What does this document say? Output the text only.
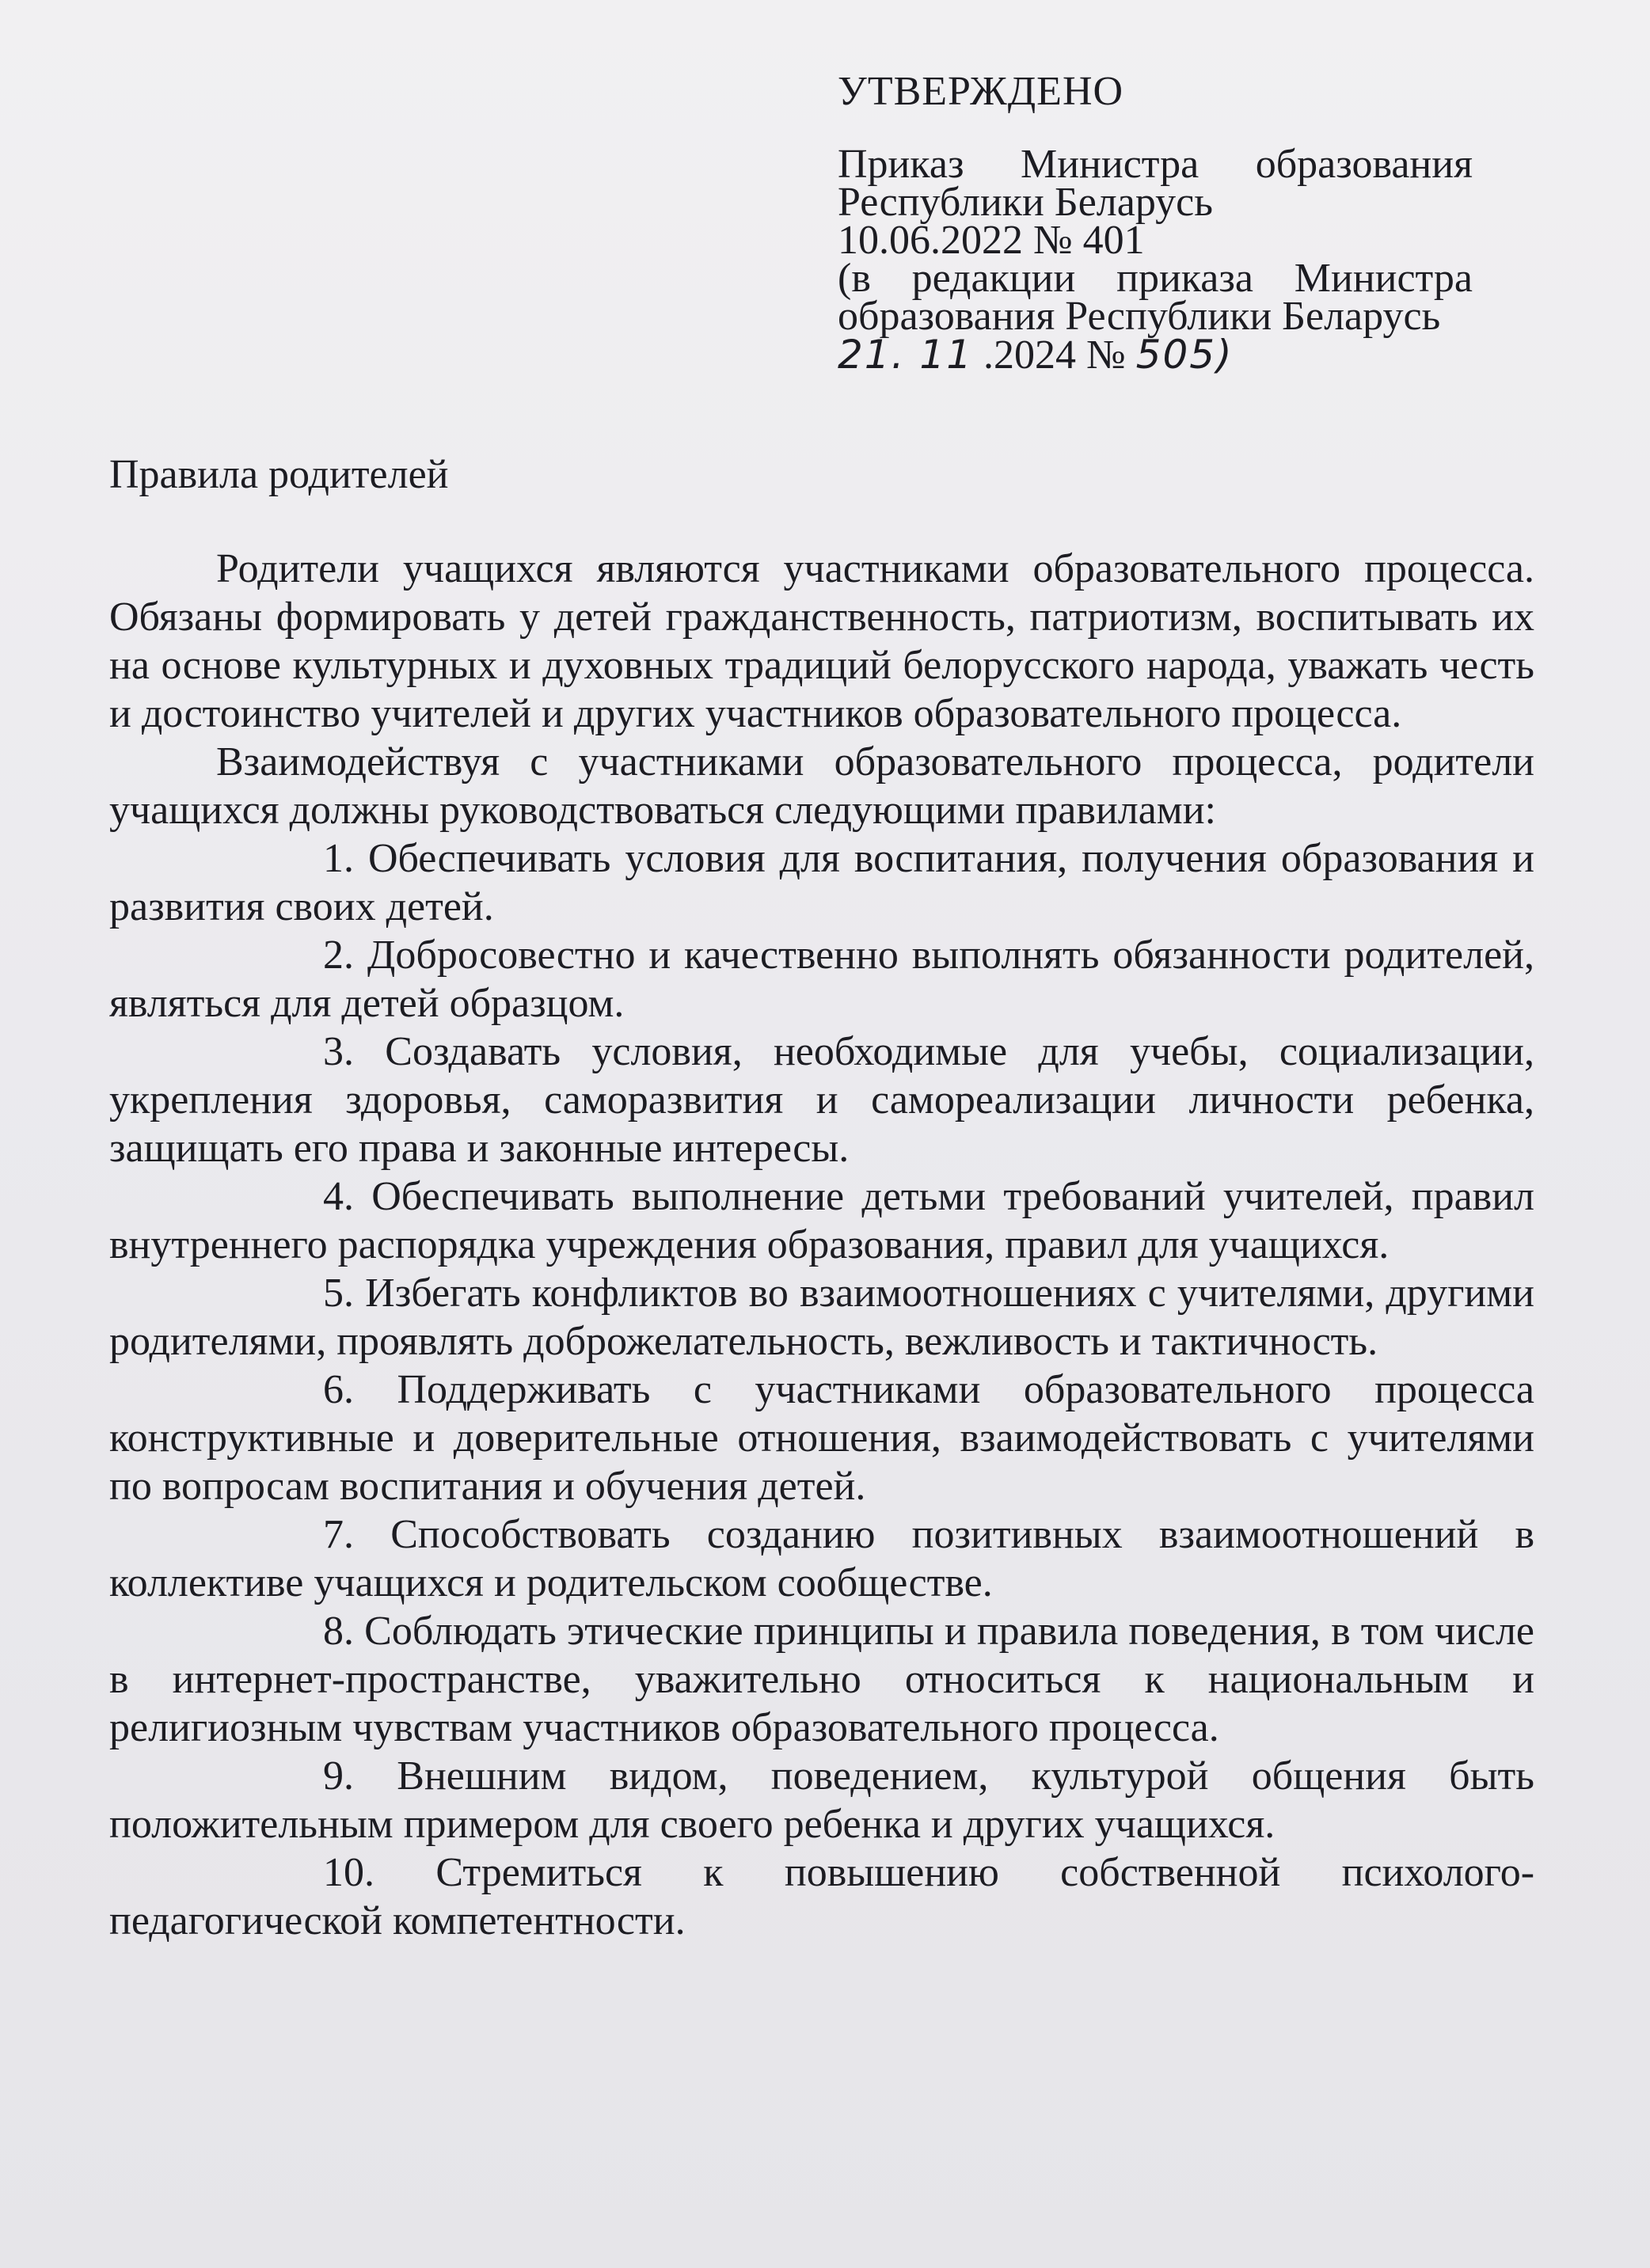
УТВЕРЖДЕНО
Приказ Министра образования
Республики Беларусь
10.06.2022 № 401
(в редакции приказа Министра
образования Республики Беларусь
21. 11 .2024 № 505)
Правила родителей

Родители учащихся являются участниками образовательного процесса. Обязаны формировать у детей гражданственность, патриотизм, воспитывать их на основе культурных и духовных традиций белорусского народа, уважать честь и достоинство учителей и других участников образовательного процесса.

Взаимодействуя с участниками образовательного процесса, родители учащихся должны руководствоваться следующими правилами:

1. Обеспечивать условия для воспитания, получения образования и развития своих детей.

2. Добросовестно и качественно выполнять обязанности родителей, являться для детей образцом.

3. Создавать условия, необходимые для учебы, социализации, укрепления здоровья, саморазвития и самореализации личности ребенка, защищать его права и законные интересы.

4. Обеспечивать выполнение детьми требований учителей, правил внутреннего распорядка учреждения образования, правил для учащихся.

5. Избегать конфликтов во взаимоотношениях с учителями, другими родителями, проявлять доброжелательность, вежливость и тактичность.

6. Поддерживать с участниками образовательного процесса конструктивные и доверительные отношения, взаимодействовать с учителями по вопросам воспитания и обучения детей.

7. Способствовать созданию позитивных взаимоотношений в коллективе учащихся и родительском сообществе.

8. Соблюдать этические принципы и правила поведения, в том числе в интернет-пространстве, уважительно относиться к национальным и религиозным чувствам участников образовательного процесса.

9. Внешним видом, поведением, культурой общения быть положительным примером для своего ребенка и других учащихся.

10. Стремиться к повышению собственной психолого-педагогической компетентности.
